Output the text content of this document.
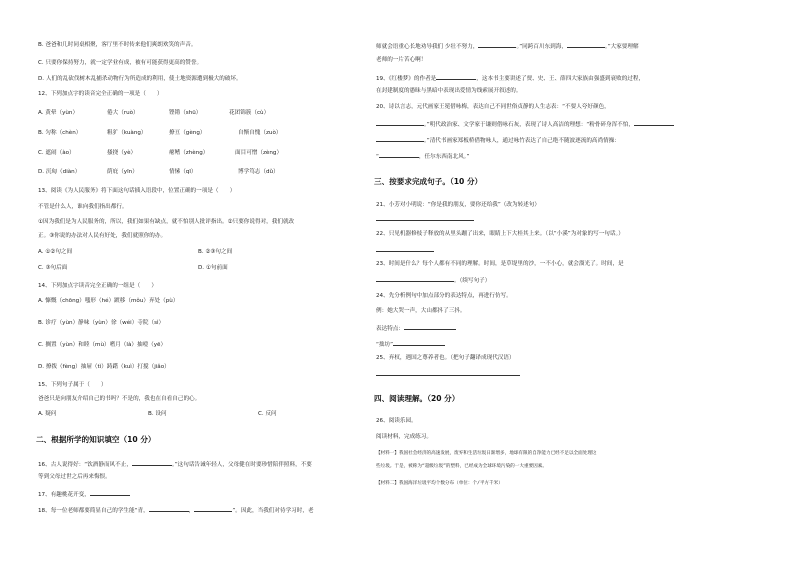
B. 爸爸和几时同桌相聚，客厅里不时传来他们爽朗欢笑的声音。
C. 只要你保持努力，就一定学业有成，被有可能获得更高的赞誉。
D. 人们的乱砍伐树木乱捕杀动物行为所造成的利用，使土地资源遭到极大的破坏。
12、下列加点字的读音完全正确的一项是（　　）
A. 黄晕（yùn）	倦大（ruò）	铿锵（shū）	花团锦簇（cù）
B. 匀称（chèn）	粗犷（kuàng）	撩亘（gèng）	自惭自愧（zuò）
C. 遮闹（ào）	搔挠（yè）	瘪鳍（zhèng）	面目可憎（zèng）
D. 沉甸（diàn）	荫庇（yīn）	情愫（qī）	博学笃志（dǔ）
13、阅读《为人民服务》将下面这句话插入语段中，位置正确的一项是（　　）
不管是什么人，谁向我们指出都行。
①因为我们是为人民服务的，所以，我们如果有缺点，就不怕别人批评指出。②只要你说得对，我们就改
正。③你说的办法对人民有好处，我们就照你的办。
A. ①②句之间	B. ②③句之间
C. ③句后面	D. ①句前面
14、下列加点字读音完全正确的一组是（　　）
A. 慷慨（chōng）嗤形（hé）踱移（mǒu）弃处（pù）
B. 诊疗（yùn）静味（yùn）徐（wéi）寺院（sì）
C. 搁置（yùn）和睦（mù）嗜月（là）抽噎（yē）
D. 撩拨（fèng）抽屉（tì）踌躇（kuì）打搅（jiǎo）
15、下列句子属于（　　）
爸爸只是向朋友介绍自己的书吗？不是的，我也在自看自己的心。
A. 疑问	B. 设问	C. 反问
二、根据所学的知识填空（10 分）
16、古人说得好：“饮酒静而风不止，	。”这句话告诫年轻人，父母健在时要珍惜陪伴照料，不要
等到父母过世之后再来悔恨。
17、有趣桃花开变，
18、每一位老师都要简显自己的学生能“青，	，	”。因此，当我们对待学习时，老
师就会语重心长地劝导我们 少壮不努力，	。”同跨百川东到海，	。”大家要理解
老师的一片苦心啊！
19、《红楼梦》的作者是	，这本书主要讲述了贾、史、王、薛四大家族由强盛到衰败的过程，
在封建制度的愚昧与黑暗中表现出爱情为线索展开叙述的。
20、诗以言志，元代画家王冕借咏梅，表达自己不同世俗贞静的人生志表：“不要人夸好颜色，
。”明代政治家、文学家于谦则借咏石灰，表现了诗人高洁的理想：“粉骨碎身浑不怕，
。”清代书画家郑板桥借物咏人，通过咏竹表达了自己绝不随波逐流的高尚情操：
“	，任尔东西南北风。”
三、按要求完成句子。（10 分）
21、小芳对小明说：“你是我的朋友，要你还给我”（改为转述句）
22、只见机器修枝子释放的从里头蹦了出来，眼睛上下大桂其上来。（以“小溪”为对象的写一句话。）
23、时间是什么？每个人都有不同的理解。时间，是草堤里的沙，一不小心，就会溜光了。时间，是
。（续写句子）
24、先分析例句中加点部分的表达特点，再进行仿写。
例：她大哭一声，大山都抖了三抖。
表达特点：
“拙坊”
25、弃权，遇国之尊养者也。（把句子翻译成现代汉语）
四、阅读理解。（20 分）
26、阅读乐园。
阅读材料，完成练习。
【材料一】我国社会经济的高速发展，废弃和生活垃圾日渐增多，地球有限的自净能力已经不足以全面处理这
些垃圾。于是，被称为“超级垃圾”的塑料，已经成为全球环境污染的一大重要因素。
【材料二】我国海洋垃圾平均个数分布（单位：个/平方千米）
